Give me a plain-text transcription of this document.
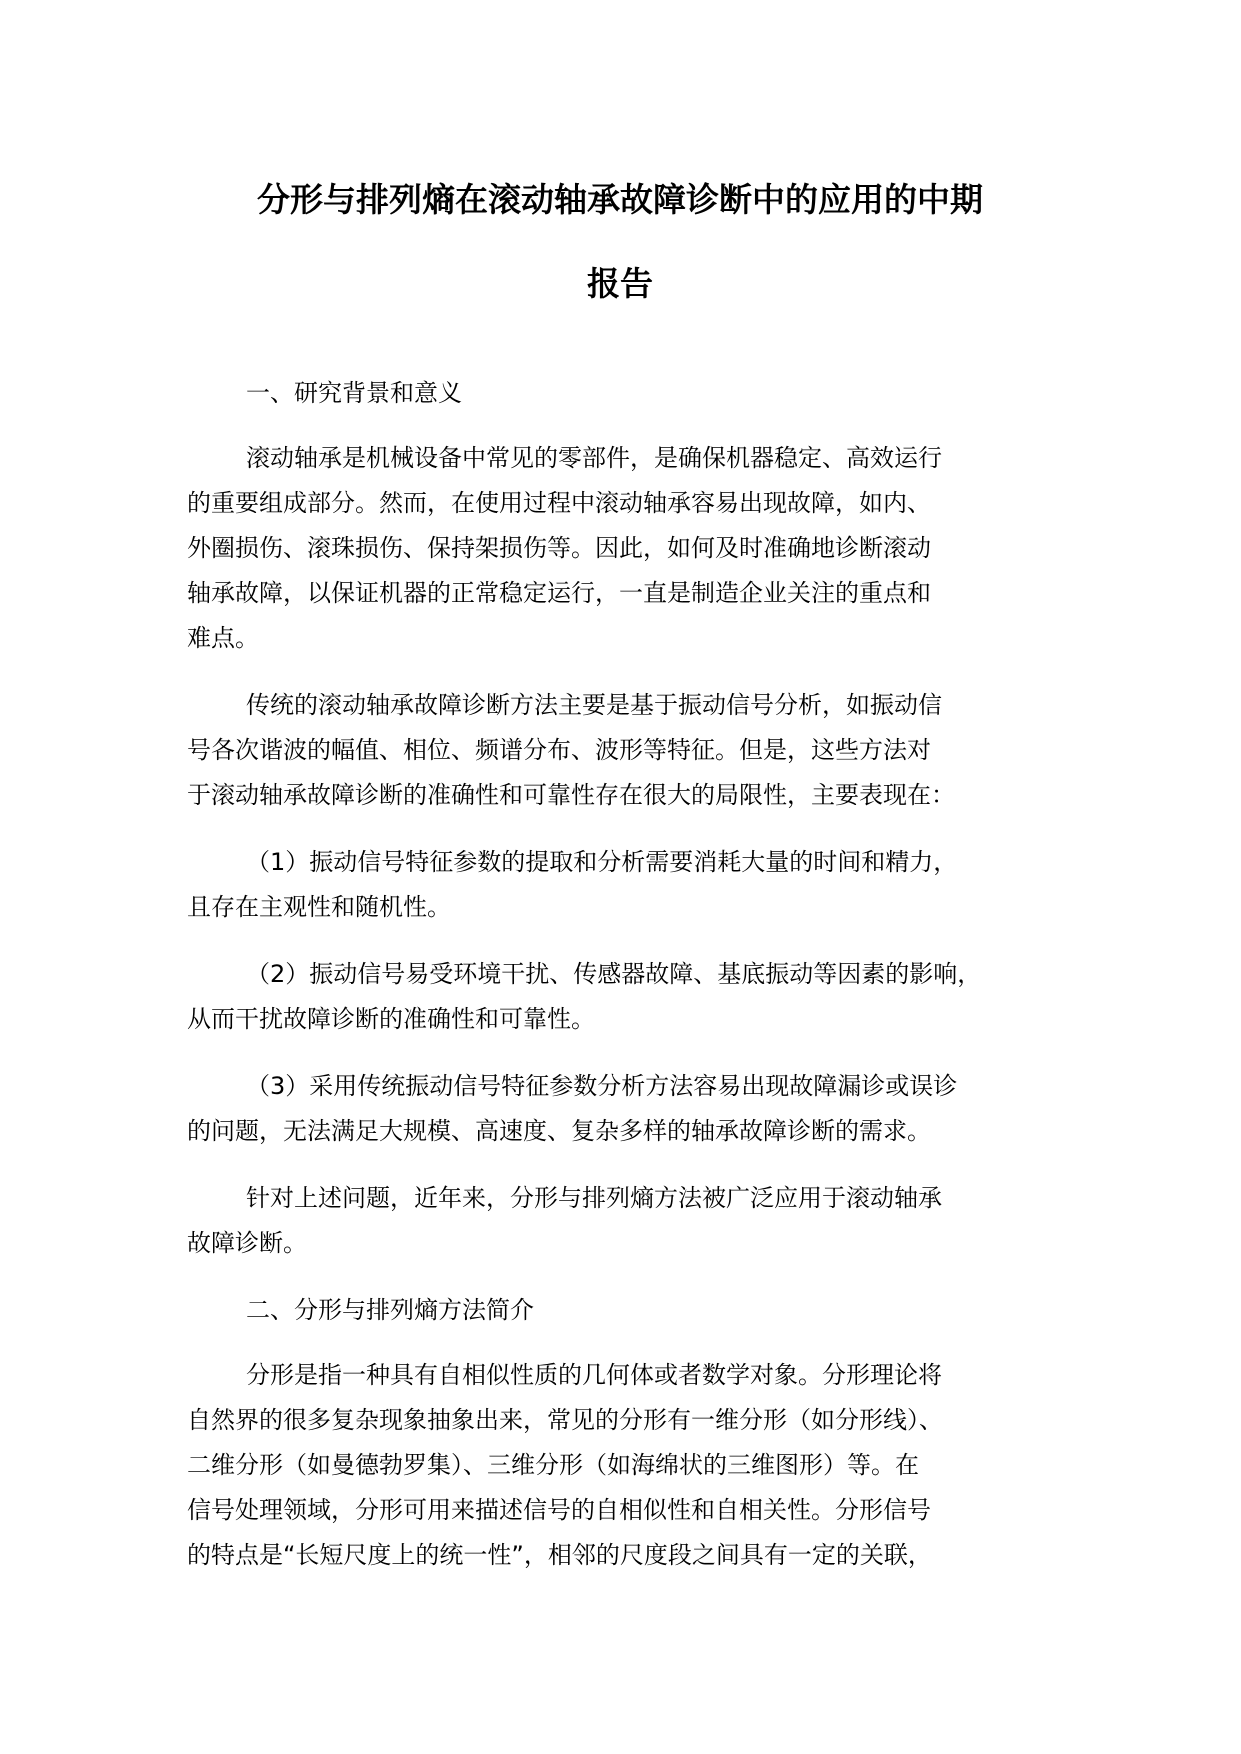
分形与排列熵在滚动轴承故障诊断中的应用的中期
报告

一、研究背景和意义

滚动轴承是机械设备中常见的零部件，是确保机器稳定、高效运行

的重要组成部分。然而，在使用过程中滚动轴承容易出现故障，如内、

外圈损伤、滚珠损伤、保持架损伤等。因此，如何及时准确地诊断滚动

轴承故障，以保证机器的正常稳定运行，一直是制造企业关注的重点和

难点。

传统的滚动轴承故障诊断方法主要是基于振动信号分析，如振动信

号各次谐波的幅值、相位、频谱分布、波形等特征。但是，这些方法对

于滚动轴承故障诊断的准确性和可靠性存在很大的局限性，主要表现在：

（1）振动信号特征参数的提取和分析需要消耗大量的时间和精力，

且存在主观性和随机性。

（2）振动信号易受环境干扰、传感器故障、基底振动等因素的影响，

从而干扰故障诊断的准确性和可靠性。

（3）采用传统振动信号特征参数分析方法容易出现故障漏诊或误诊

的问题，无法满足大规模、高速度、复杂多样的轴承故障诊断的需求。

针对上述问题，近年来，分形与排列熵方法被广泛应用于滚动轴承

故障诊断。

二、分形与排列熵方法简介

分形是指一种具有自相似性质的几何体或者数学对象。分形理论将

自然界的很多复杂现象抽象出来，常见的分形有一维分形（如分形线）、

二维分形（如曼德勃罗集）、三维分形（如海绵状的三维图形）等。在

信号处理领域，分形可用来描述信号的自相似性和自相关性。分形信号

的特点是“长短尺度上的统一性”，相邻的尺度段之间具有一定的关联，
